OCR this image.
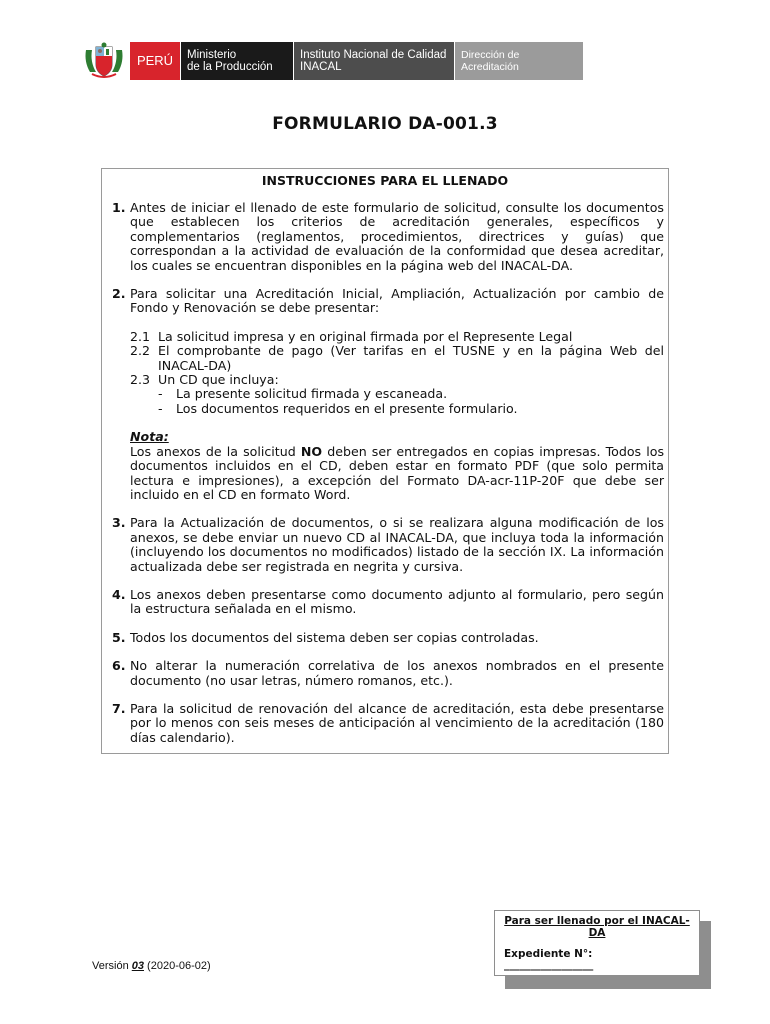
PERÚ Ministerio
de la Producción
Instituto Nacional de Calidad
INACAL
Dirección de Acreditación
FORMULARIO DA-001.3
INSTRUCCIONES PARA EL LLENADO
1. Antes de iniciar el llenado de este formulario de solicitud, consulte los documentos que establecen los criterios de acreditación generales, específicos y complementarios (reglamentos, procedimientos, directrices y guías) que correspondan a la actividad de evaluación de la conformidad que desea acreditar, los cuales se encuentran disponibles en la página web del INACAL-DA.
2. Para solicitar una Acreditación Inicial, Ampliación, Actualización por cambio de Fondo y Renovación se debe presentar:
2.1 La solicitud impresa y en original firmada por el Represente Legal
2.2 El comprobante de pago (Ver tarifas en el TUSNE y en la página Web del INACAL-DA)
2.3 Un CD que incluya:
-	La presente solicitud firmada y escaneada.
-	Los documentos requeridos en el presente formulario.
Nota:
Los anexos de la solicitud NO deben ser entregados en copias impresas. Todos los documentos incluidos en el CD, deben estar en formato PDF (que solo permita lectura e impresiones), a excepción del Formato DA-acr-11P-20F que debe ser incluido en el CD en formato Word.
3. Para la Actualización de documentos, o si se realizara alguna modificación de los anexos, se debe enviar un nuevo CD al INACAL-DA, que incluya toda la información (incluyendo los documentos no modificados) listado de la sección IX. La información actualizada debe ser registrada en negrita y cursiva.
4. Los anexos deben presentarse como documento adjunto al formulario, pero según la estructura señalada en el mismo.
5. Todos los documentos del sistema deben ser copias controladas.
6. No alterar la numeración correlativa de los anexos nombrados en el presente documento (no usar letras, número romanos, etc.).
7. Para la solicitud de renovación del alcance de acreditación, esta debe presentarse por lo menos con seis meses de anticipación al vencimiento de la acreditación (180 días calendario).
Para ser llenado por el INACAL-DA
Expediente N°:
_________________
Versión 03 (2020-06-02)
